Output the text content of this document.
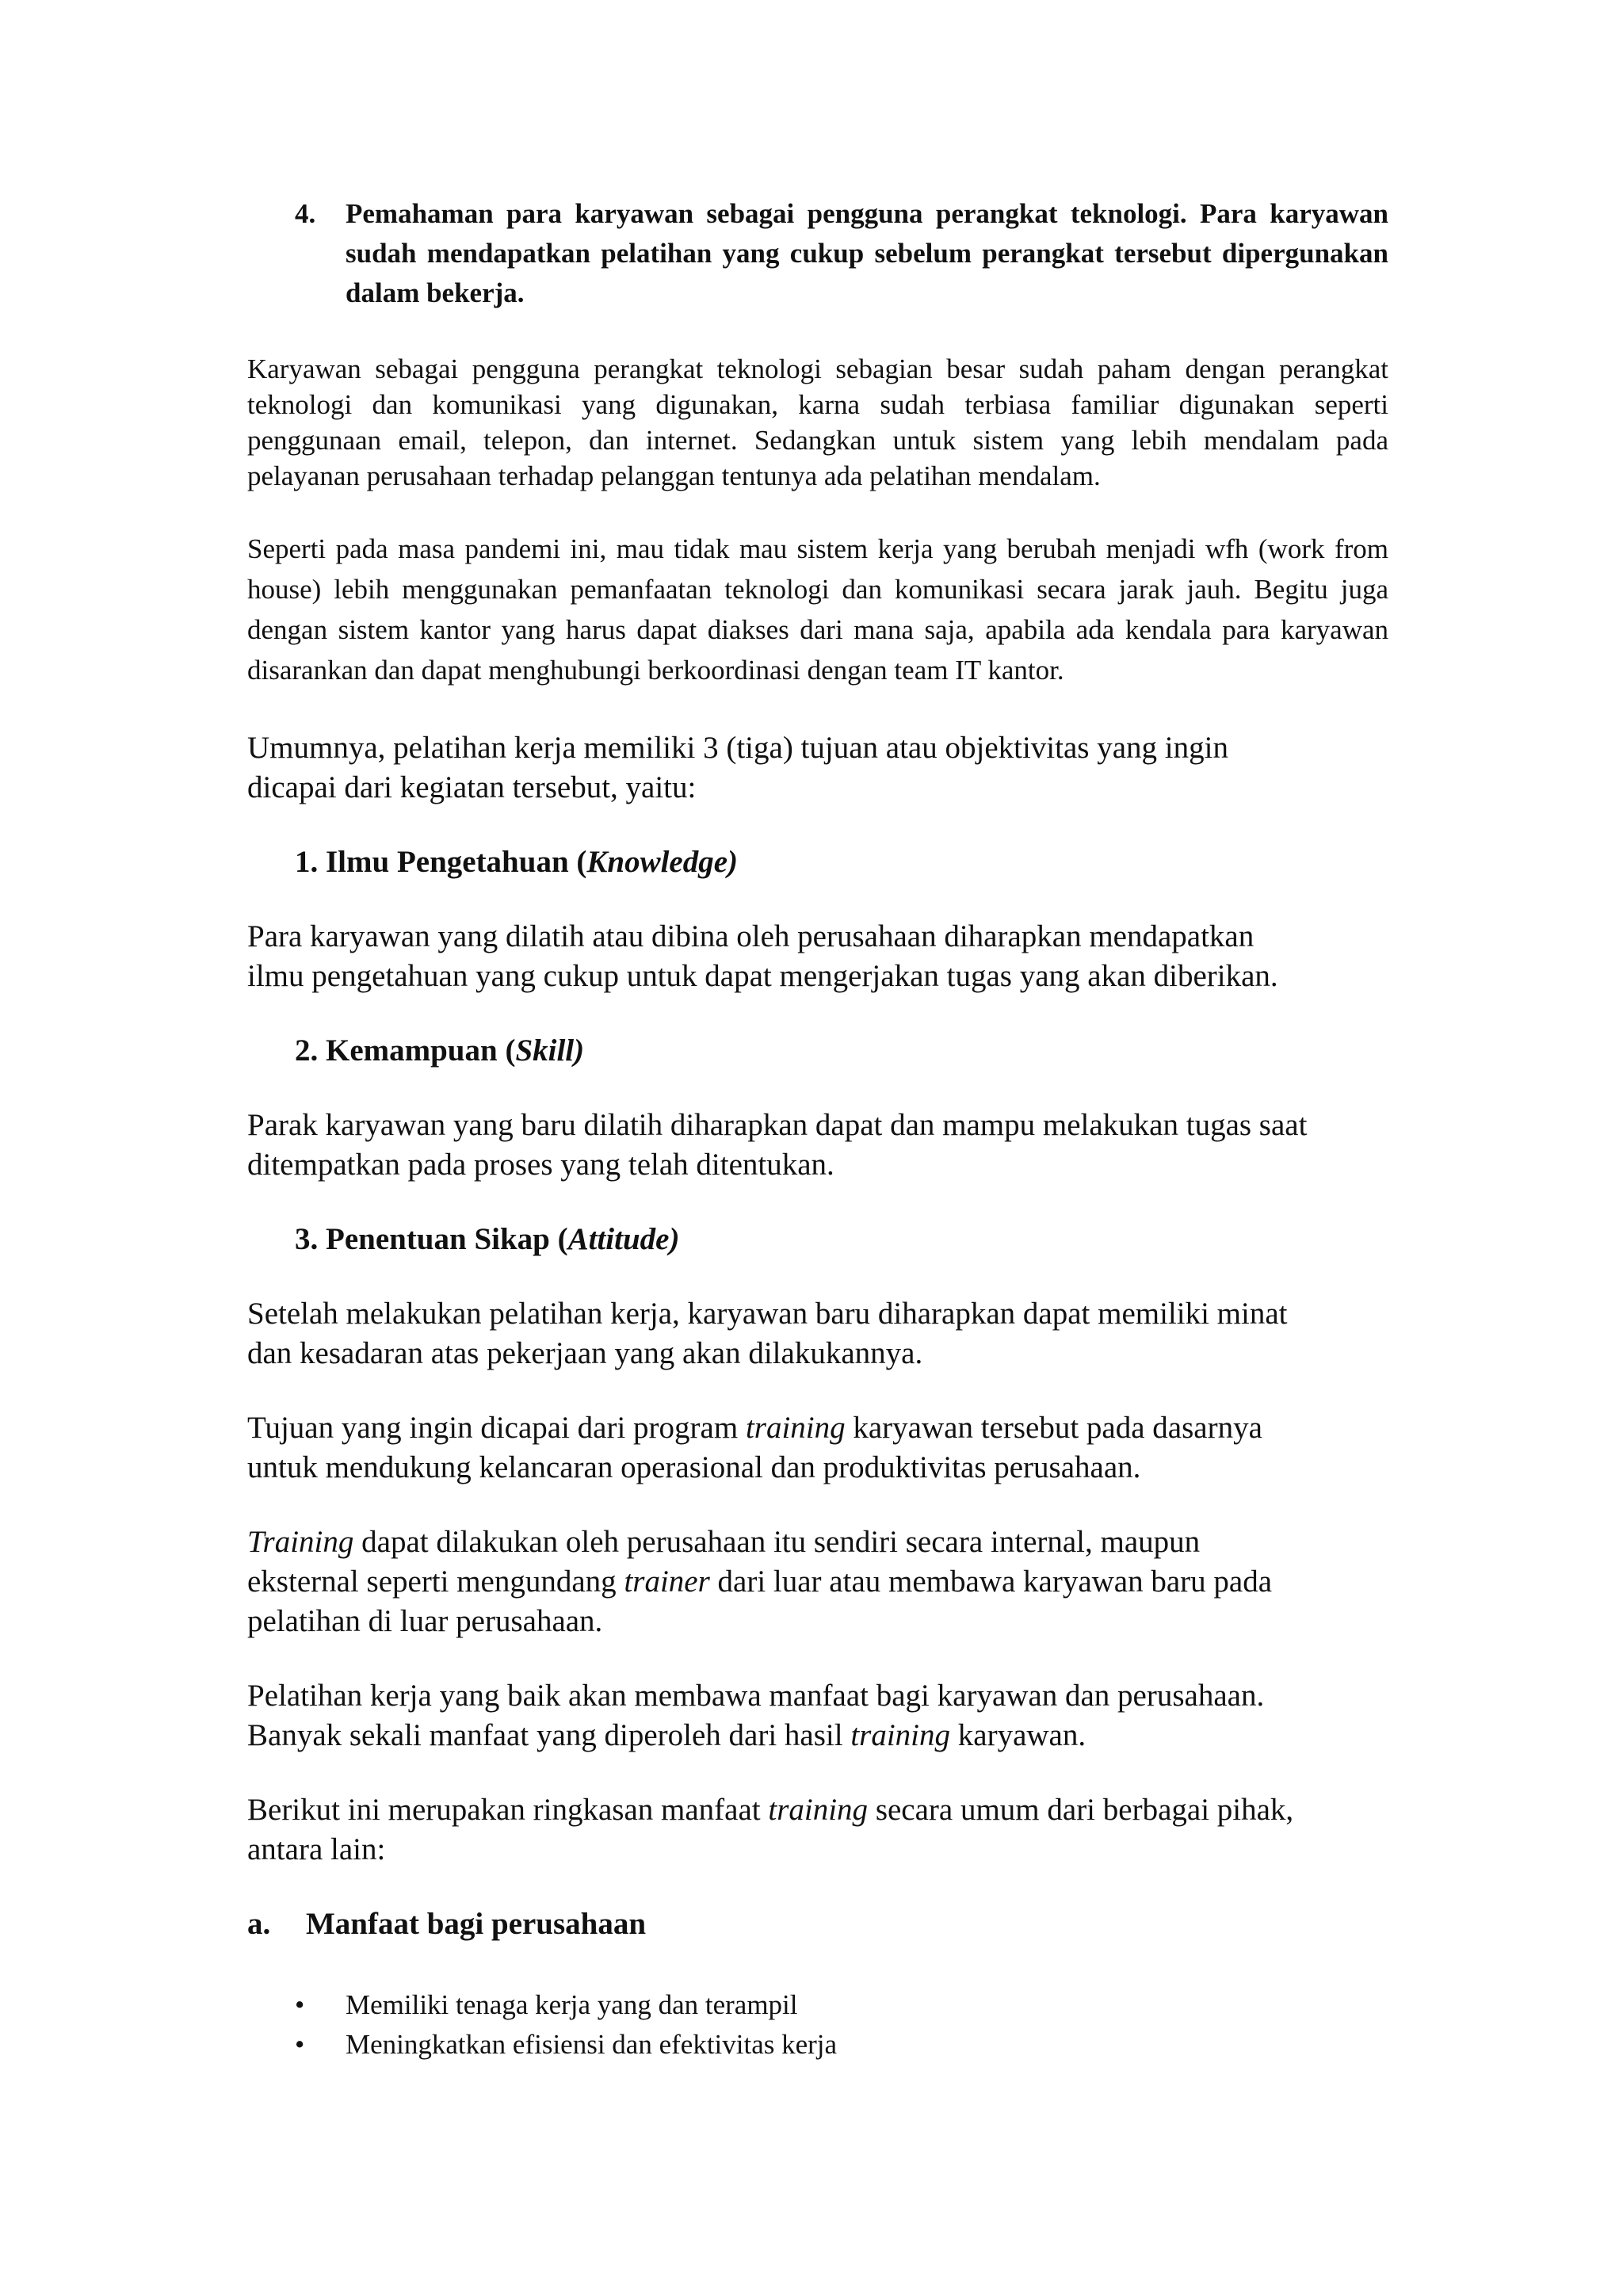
4. Pemahaman para karyawan sebagai pengguna perangkat teknologi. Para karyawan sudah mendapatkan pelatihan yang cukup sebelum perangkat tersebut dipergunakan dalam bekerja.

Karyawan sebagai pengguna perangkat teknologi sebagian besar sudah paham dengan perangkat teknologi dan komunikasi yang digunakan, karna sudah terbiasa familiar digunakan seperti penggunaan email, telepon, dan internet. Sedangkan untuk sistem yang lebih mendalam pada pelayanan perusahaan terhadap pelanggan tentunya ada pelatihan mendalam.

Seperti pada masa pandemi ini, mau tidak mau sistem kerja yang berubah menjadi wfh (work from house) lebih menggunakan pemanfaatan teknologi dan komunikasi secara jarak jauh. Begitu juga dengan sistem kantor yang harus dapat diakses dari mana saja, apabila ada kendala para karyawan disarankan dan dapat menghubungi berkoordinasi dengan team IT kantor.

Umumnya, pelatihan kerja memiliki 3 (tiga) tujuan atau objektivitas yang ingin
dicapai dari kegiatan tersebut, yaitu:

1. Ilmu Pengetahuan (Knowledge)

Para karyawan yang dilatih atau dibina oleh perusahaan diharapkan mendapatkan
ilmu pengetahuan yang cukup untuk dapat mengerjakan tugas yang akan diberikan.

2. Kemampuan (Skill)

Parak karyawan yang baru dilatih diharapkan dapat dan mampu melakukan tugas saat
ditempatkan pada proses yang telah ditentukan.

3. Penentuan Sikap (Attitude)

Setelah melakukan pelatihan kerja, karyawan baru diharapkan dapat memiliki minat
dan kesadaran atas pekerjaan yang akan dilakukannya.

Tujuan yang ingin dicapai dari program training karyawan tersebut pada dasarnya
untuk mendukung kelancaran operasional dan produktivitas perusahaan.

Training dapat dilakukan oleh perusahaan itu sendiri secara internal, maupun
eksternal seperti mengundang trainer dari luar atau membawa karyawan baru pada
pelatihan di luar perusahaan.

Pelatihan kerja yang baik akan membawa manfaat bagi karyawan dan perusahaan.
Banyak sekali manfaat yang diperoleh dari hasil training karyawan.

Berikut ini merupakan ringkasan manfaat training secara umum dari berbagai pihak,
antara lain:

a. Manfaat bagi perusahaan

• Memiliki tenaga kerja yang dan terampil
• Meningkatkan efisiensi dan efektivitas kerja
